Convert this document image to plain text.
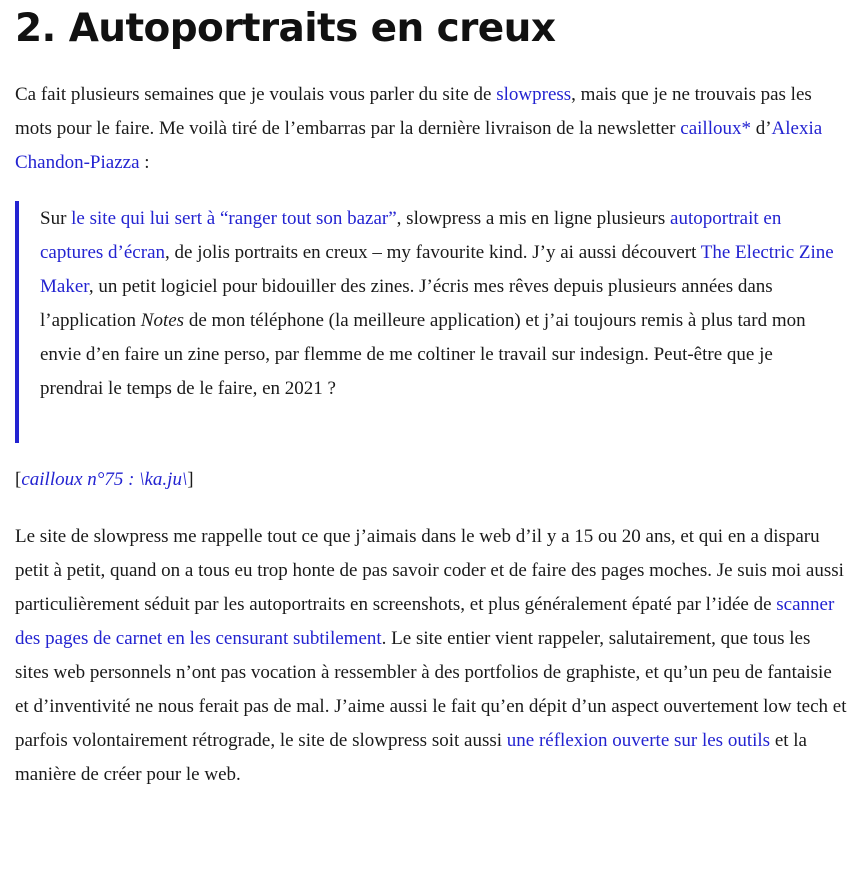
2. Autoportraits en creux

Ca fait plusieurs semaines que je voulais vous parler du site de slowpress, mais que je ne trouvais pas les mots pour le faire. Me voilà tiré de l’embarras par la dernière livraison de la newsletter cailloux* d’Alexia Chandon-Piazza :

Sur le site qui lui sert à “ranger tout son bazar”, slowpress a mis en ligne plusieurs autoportrait en captures d’écran, de jolis portraits en creux – my favourite kind. J’y ai aussi découvert The Electric Zine Maker, un petit logiciel pour bidouiller des zines. J’écris mes rêves depuis plusieurs années dans l’application Notes de mon téléphone (la meilleure application) et j’ai toujours remis à plus tard mon envie d’en faire un zine perso, par flemme de me coltiner le travail sur indesign. Peut-être que je prendrai le temps de le faire, en 2021 ?

[cailloux n°75 : \ka.ju\]

Le site de slowpress me rappelle tout ce que j’aimais dans le web d’il y a 15 ou 20 ans, et qui en a disparu petit à petit, quand on a tous eu trop honte de pas savoir coder et de faire des pages moches. Je suis moi aussi particulièrement séduit par les autoportraits en screenshots, et plus généralement épaté par l’idée de scanner des pages de carnet en les censurant subtilement. Le site entier vient rappeler, salutairement, que tous les sites web personnels n’ont pas vocation à ressembler à des portfolios de graphiste, et qu’un peu de fantaisie et d’inventivité ne nous ferait pas de mal. J’aime aussi le fait qu’en dépit d’un aspect ouvertement low tech et parfois volontairement rétrograde, le site de slowpress soit aussi une réflexion ouverte sur les outils et la manière de créer pour le web.
